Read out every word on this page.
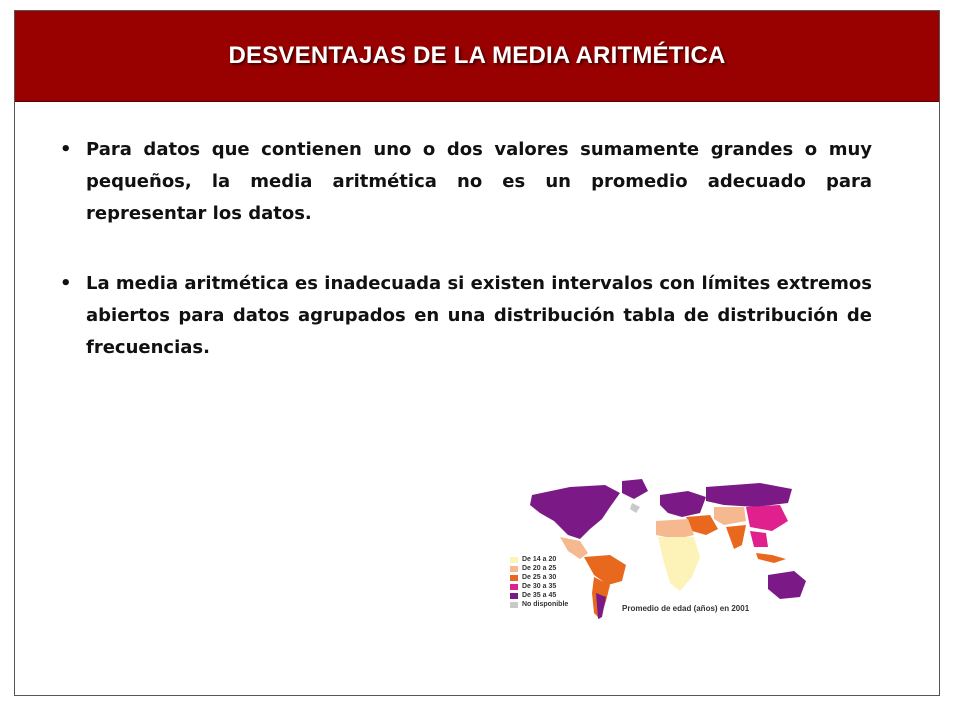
DESVENTAJAS DE LA MEDIA ARITMÉTICA
• Para datos que contienen uno o dos valores sumamente grandes o muy pequeños, la media aritmética no es un promedio adecuado para representar los datos.
• La media aritmética es inadecuada si existen intervalos con límites extremos abiertos para datos agrupados en una distribución tabla de distribución de frecuencias.
De 14 a 20
De 20 a 25
De 25 a 30
De 30 a 35
De 35 a 45
No disponible	Promedio de edad (años) en 2001
